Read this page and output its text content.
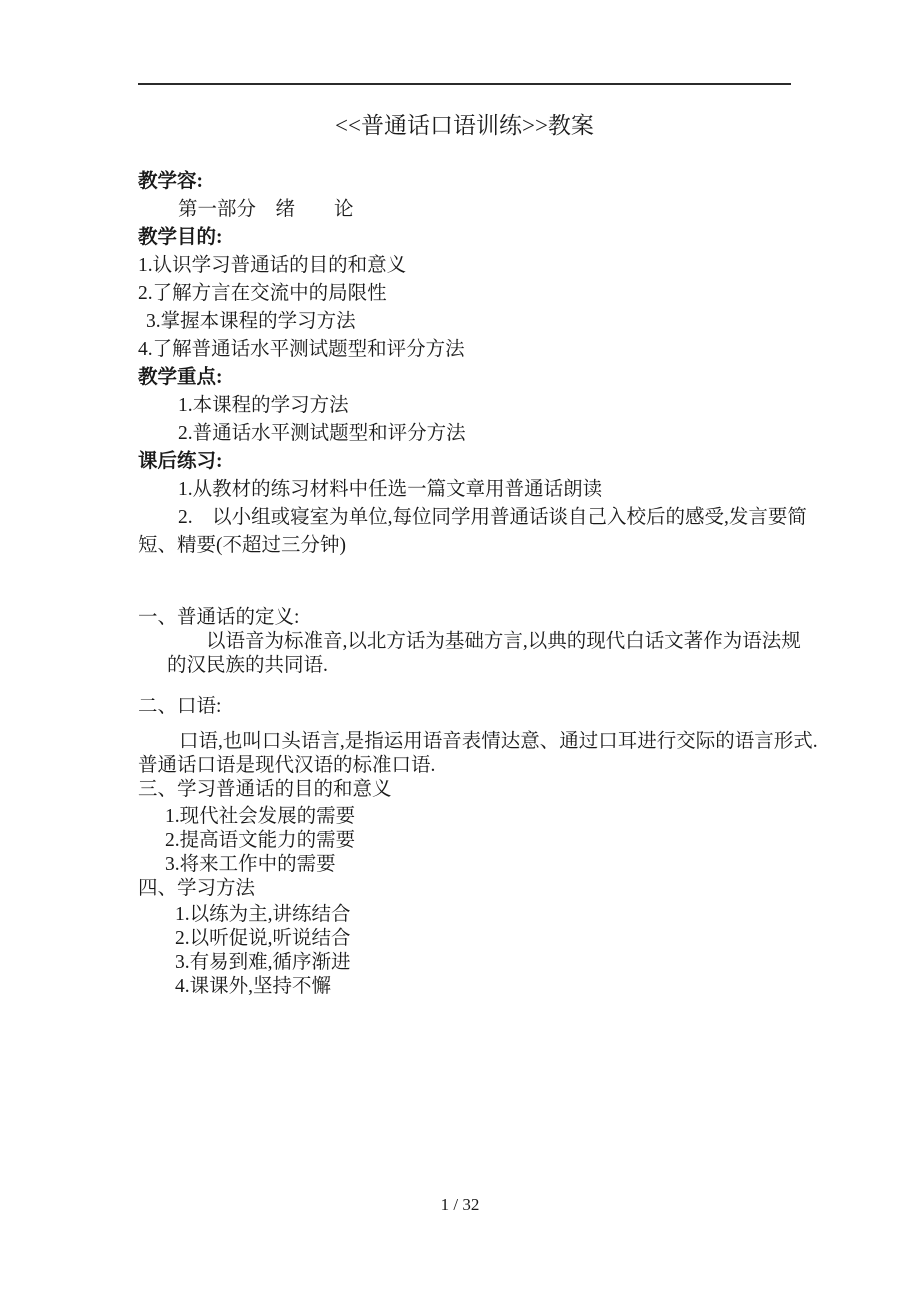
<<普通话口语训练>>教案
教学容:
第一部分　绪　　论
教学目的:
1.认识学习普通话的目的和意义
2.了解方言在交流中的局限性
3.掌握本课程的学习方法
4.了解普通话水平测试题型和评分方法
教学重点:
1.本课程的学习方法
2.普通话水平测试题型和评分方法
课后练习:
1.从教材的练习材料中任选一篇文章用普通话朗读
2.　以小组或寝室为单位,每位同学用普通话谈自己入校后的感受,发言要简
短、精要(不超过三分钟)
一、普通话的定义:
以语音为标准音,以北方话为基础方言,以典的现代白话文著作为语法规
的汉民族的共同语.
二、口语:
口语,也叫口头语言,是指运用语音表情达意、通过口耳进行交际的语言形式.
普通话口语是现代汉语的标准口语.
三、学习普通话的目的和意义
1.现代社会发展的需要
2.提高语文能力的需要
3.将来工作中的需要
四、学习方法
1.以练为主,讲练结合
2.以听促说,听说结合
3.有易到难,循序渐进
4.课课外,坚持不懈
1 / 32
